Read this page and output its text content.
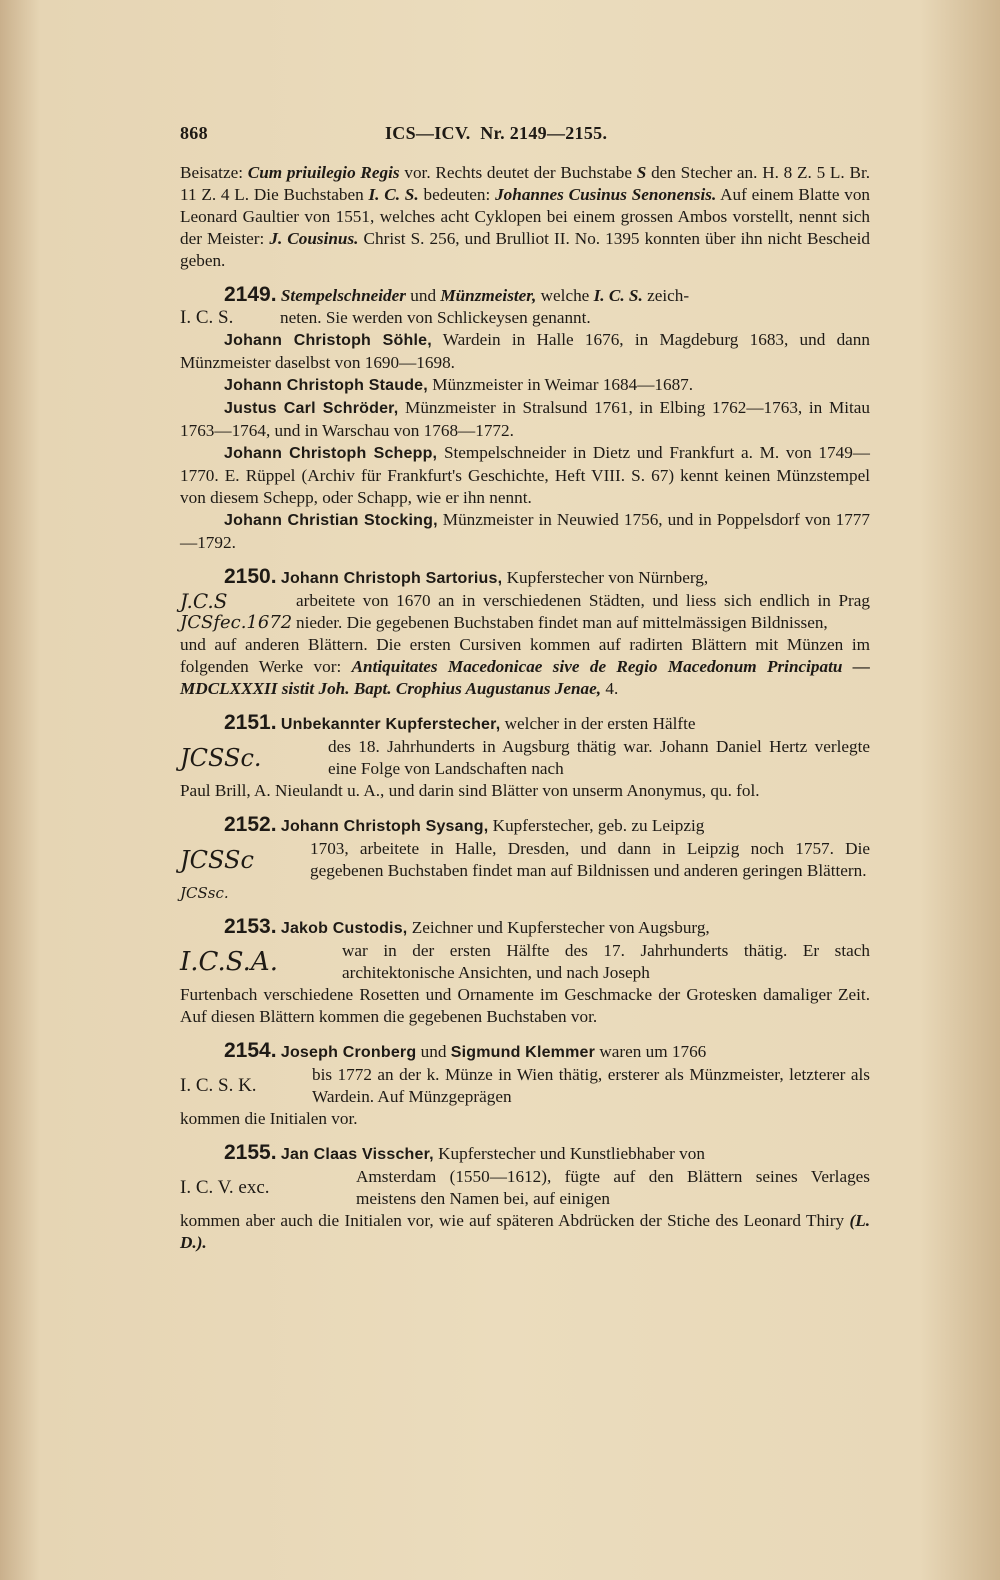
868	ICS—ICV.
Nr. 2149—2155.

Beisatze: Cum priuilegio Regis vor. Rechts deutet der Buchstabe S den Stecher an. H. 8 Z. 5 L. Br. 11 Z. 4 L. Die Buchstaben I. C. S. bedeuten: Johannes Cusinus Senonensis. Auf einem Blatte von Leonard Gaultier von 1551, welches acht Cyklopen bei einem grossen Ambos vorstellt, nennt sich der Meister: J. Cousinus. Christ S. 256, und Brulliot II. No. 1395 konnten über ihn nicht Bescheid geben.

2149. Stempelschneider und Münzmeister, welche I. C. S. zeich-

I. C. S.	neten. Sie werden von Schlickeysen genannt.

Johann Christoph Söhle, Wardein in Halle 1676, in Magdeburg 1683, und dann Münzmeister daselbst von 1690—1698.

Johann Christoph Staude, Münzmeister in Weimar 1684—1687.

Justus Carl Schröder, Münzmeister in Stralsund 1761, in Elbing 1762—1763, in Mitau 1763—1764, und in Warschau von 1768—1772.

Johann Christoph Schepp, Stempelschneider in Dietz und Frankfurt a. M. von 1749—1770. E. Rüppel (Archiv für Frankfurt's Geschichte, Heft VIII. S. 67) kennt keinen Münzstempel von diesem Schepp, oder Schapp, wie er ihn nennt.

Johann Christian Stocking, Münzmeister in Neuwied 1756, und in Poppelsdorf von 1777—1792.

2150. Johann Christoph Sartorius, Kupferstecher von Nürnberg,

J.C.S
JCSfec.1672
arbeitete von 1670 an in verschiedenen Städten, und liess sich endlich in Prag nieder. Die gegebenen Buchstaben findet man auf mittelmässigen Bildnissen,

und auf anderen Blättern. Die ersten Cursiven kommen auf radirten Blättern mit Münzen im folgenden Werke vor: Antiquitates Macedonicae sive de Regio Macedonum Principatu — MDCLXXXII sistit Joh. Bapt. Crophius Augustanus Jenae, 4.

2151. Unbekannter Kupferstecher, welcher in der ersten Hälfte

JCSSc.	des 18. Jahrhunderts in Augsburg thätig war. Johann Daniel Hertz verlegte eine Folge von Landschaften nach

Paul Brill, A. Nieulandt u. A., und darin sind Blätter von unserm Anonymus, qu. fol.

2152. Johann Christoph Sysang, Kupferstecher, geb. zu Leipzig

JCSSc
JCSsc.
1703, arbeitete in Halle, Dresden, und dann in Leipzig noch 1757. Die gegebenen Buchstaben findet man auf Bildnissen und anderen geringen Blättern.

2153. Jakob Custodis, Zeichner und Kupferstecher von Augsburg,

I.C.S.A.	war in der ersten Hälfte des 17. Jahrhunderts thätig. Er stach architektonische Ansichten, und nach Joseph

Furtenbach verschiedene Rosetten und Ornamente im Geschmacke der Grotesken damaliger Zeit. Auf diesen Blättern kommen die gegebenen Buchstaben vor.

2154. Joseph Cronberg und Sigmund Klemmer waren um 1766

I. C. S. K.
bis 1772 an der k. Münze in Wien thätig, ersterer als Münzmeister, letzterer als Wardein. Auf Münzgeprägen

kommen die Initialen vor.

2155. Jan Claas Visscher, Kupferstecher und Kunstliebhaber von

I. C. V. exc.
Amsterdam (1550—1612), fügte auf den Blättern seines Verlages meistens den Namen bei, auf einigen

kommen aber auch die Initialen vor, wie auf späteren Abdrücken der Stiche des Leonard Thiry (L. D.).
